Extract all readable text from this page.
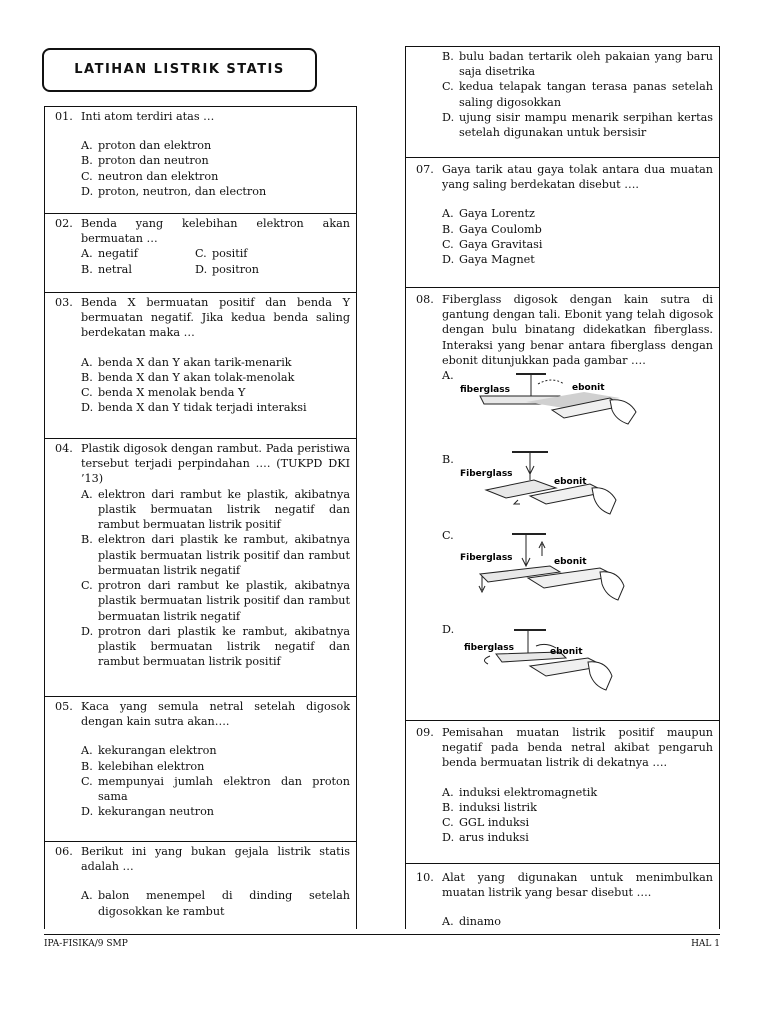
LATIHAN LISTRIK STATIS
01. Inti atom terdiri atas …
A. proton dan elektron
B. proton dan neutron
C. neutron dan elektron
D. proton, neutron, dan electron
02. Benda yang kelebihan elektron akan bermuatan …
A. negatif	C. positif
B. netral	D. positron
03. Benda X bermuatan positif dan benda Y bermuatan negatif. Jika kedua benda saling berdekatan maka …
A. benda X dan Y akan tarik-menarik
B. benda X dan Y akan tolak-menolak
C. benda X menolak benda Y
D. benda X dan Y tidak terjadi interaksi
04. Plastik digosok dengan rambut. Pada peristiwa tersebut terjadi perpindahan …. (TUKPD DKI ’13)
A. elektron dari rambut ke plastik, akibatnya plastik bermuatan listrik negatif dan rambut bermuatan listrik positif
B. elektron dari plastik ke rambut, akibatnya plastik bermuatan listrik positif dan rambut bermuatan listrik negatif
C. protron dari rambut ke plastik, akibatnya plastik bermuatan listrik positif dan rambut bermuatan listrik negatif
D. protron dari plastik ke rambut, akibatnya plastik bermuatan listrik negatif dan rambut bermuatan listrik positif
05. Kaca yang semula netral setelah digosok dengan kain sutra akan….
A. kekurangan elektron
B. kelebihan elektron
C. mempunyai jumlah elektron dan proton sama
D. kekurangan neutron
06. Berikut ini yang bukan gejala listrik statis adalah …
A. balon menempel di dinding setelah digosokkan ke rambut
B. bulu badan tertarik oleh pakaian yang baru saja disetrika
C. kedua telapak tangan terasa panas setelah saling digosokkan
D. ujung sisir mampu menarik serpihan kertas setelah digunakan untuk bersisir
07. Gaya tarik atau gaya tolak antara dua muatan yang saling berdekatan disebut ….
A. Gaya Lorentz
B. Gaya Coulomb
C. Gaya Gravitasi
D. Gaya Magnet
08. Fiberglass digosok dengan kain sutra di gantung dengan tali. Ebonit yang telah digosok dengan bulu binatang didekatkan fiberglass. Interaksi yang benar antara fiberglass dengan ebonit ditunjukkan pada gambar ….
A.
fiberglass	ebonit
B.
Fiberglass
ebonit
C.
Fiberglass	ebonit
D.
fiberglass	ebonit
09. Pemisahan muatan listrik positif maupun negatif pada benda netral akibat pengaruh benda bermuatan listrik di dekatnya ….
A. induksi elektromagnetik
B. induksi listrik
C. GGL induksi
D. arus induksi
10. Alat yang digunakan untuk menimbulkan muatan listrik yang besar disebut ….
A. dinamo
IPA-FISIKA/9 SMP	HAL 1
